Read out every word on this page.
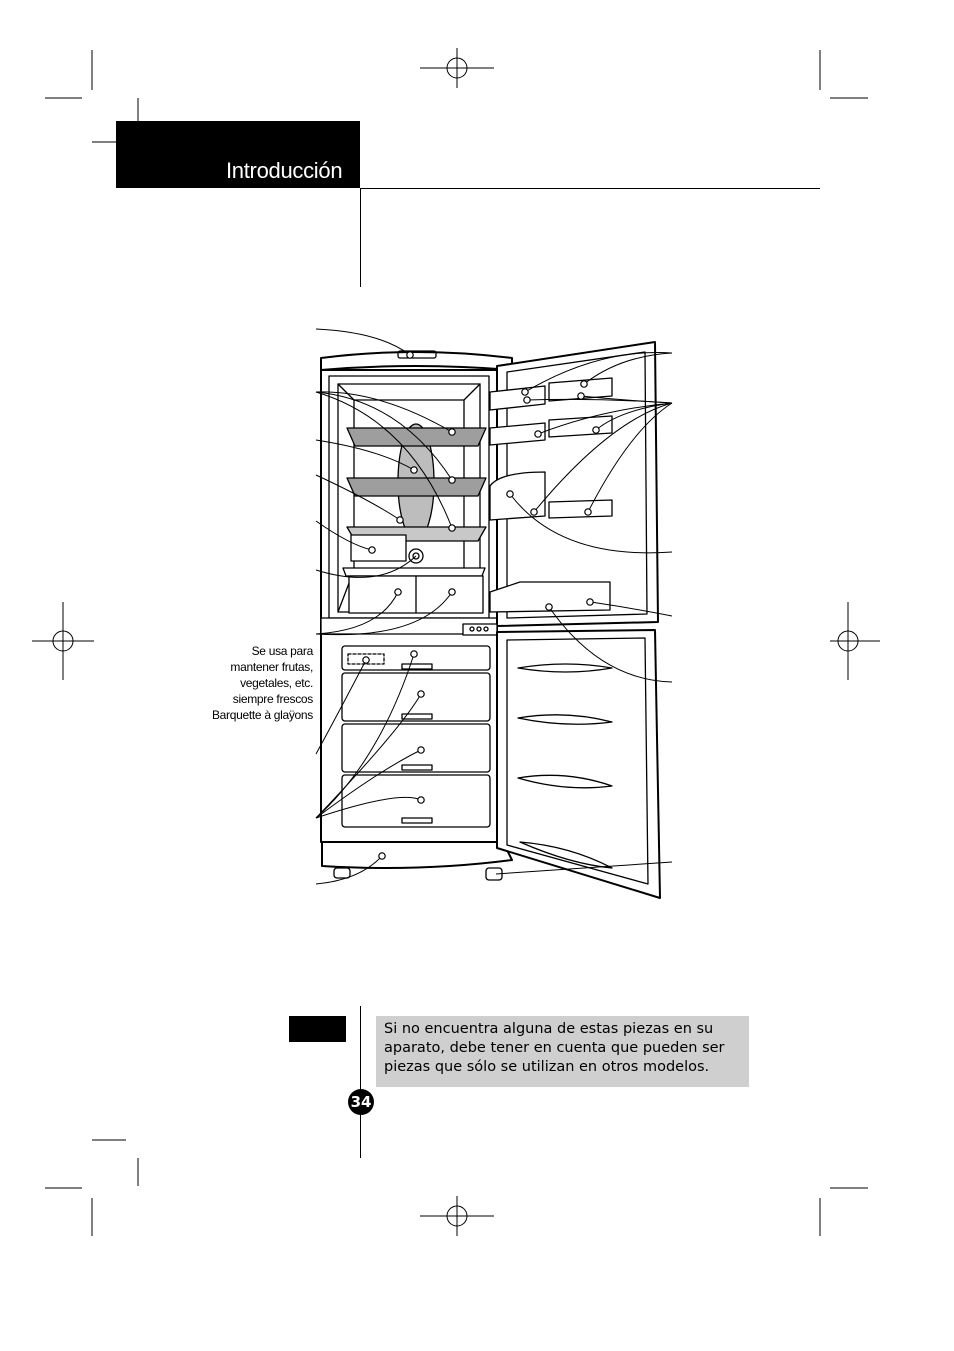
Introducción
Se usa para
mantener frutas,
vegetales, etc.
siempre frescos
Barquette à glaÿons
Si no encuentra alguna de estas piezas en su aparato, debe tener en cuenta que pueden ser piezas que sólo se utilizan en otros modelos.
34
